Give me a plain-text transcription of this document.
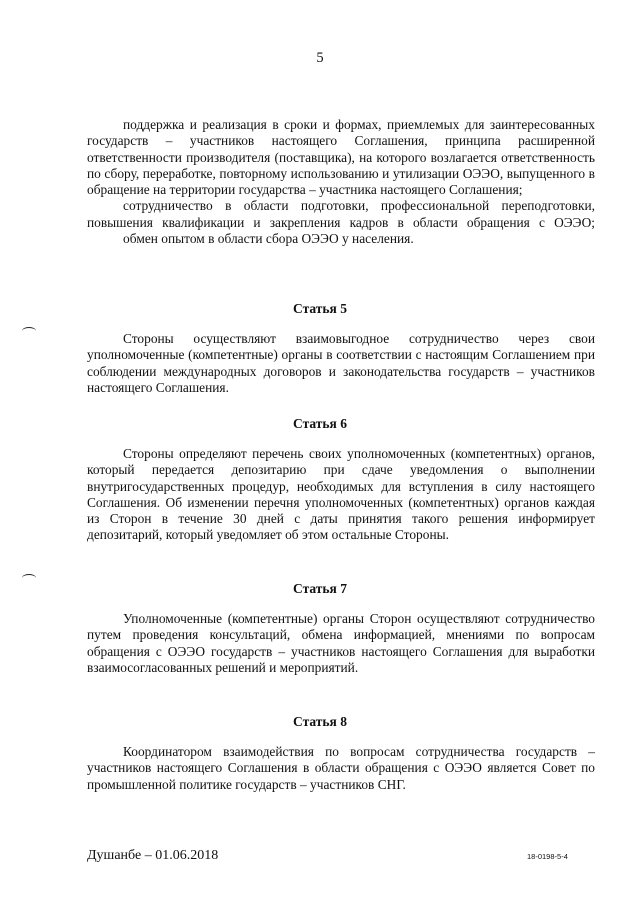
5

поддержка и реализация в сроки и формах, приемлемых для заинтересованных государств – участников настоящего Соглашения, принципа расширенной ответственности производителя (поставщика), на которого возлагается ответственность по сбору, переработке, повторному использованию и утилизации ОЭЭО, выпущенного в обращение на территории государства – участника настоящего Соглашения;

сотрудничество в области подготовки, профессиональной переподготовки, повышения квалификации и закрепления кадров в области обращения с ОЭЭО;

обмен опытом в области сбора ОЭЭО у населения.

Статья 5

Стороны осуществляют взаимовыгодное сотрудничество через свои уполномоченные (компетентные) органы в соответствии с настоящим Соглашением при соблюдении международных договоров и законодательства государств – участников настоящего Соглашения.

Статья 6

Стороны определяют перечень своих уполномоченных (компетентных) органов, который передается депозитарию при сдаче уведомления о выполнении внутригосударственных процедур, необходимых для вступления в силу настоящего Соглашения. Об изменении перечня уполномоченных (компетентных) органов каждая из Сторон в течение 30 дней с даты принятия такого решения информирует депозитарий, который уведомляет об этом остальные Стороны.

Статья 7

Уполномоченные (компетентные) органы Сторон осуществляют сотрудничество путем проведения консультаций, обмена информацией, мнениями по вопросам обращения с ОЭЭО государств – участников настоящего Соглашения для выработки взаимосогласованных решений и мероприятий.

Статья 8

Координатором взаимодействия по вопросам сотрудничества государств – участников настоящего Соглашения в области обращения с ОЭЭО является Совет по промышленной политике государств – участников СНГ.

Душанбе – 01.06.2018	18-0198-5-4
